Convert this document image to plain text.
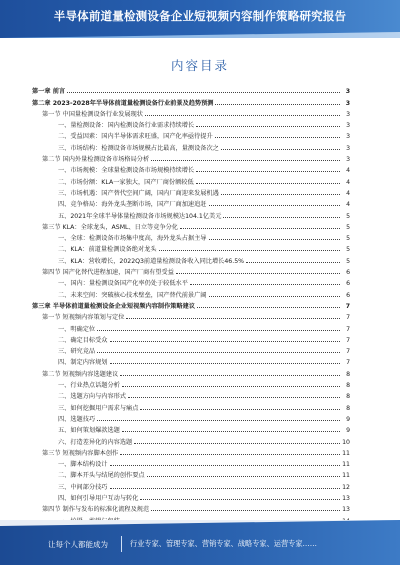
半导体前道量检测设备企业短视频内容制作策略研究报告
内容目录
第一章 前言	3
第二章 2023-2028年半导体前道量检测设备行业前景及趋势预测	3
第一节 中国量检测设备行业发展现状	3
一、量检测设备：国内检测设备行业需求持续增长	3
二、受益因素：国内半导体需求旺盛，国产化率亟待提升	3
三、市场结构：检测设备市场规模占比最高，量测设备次之	3
第二节 国内外量检测设备市场格局分析	3
一、市场规模：全球量检测设备市场规模持续增长	4
二、市场份额：KLA一家独大，国产厂商份额较低	4
三、市场机遇：国产替代空间广阔，国内厂商迎来发展机遇	4
四、竞争格局：海外龙头垄断市场，国产厂商加速追赶	4
五、2021年全球半导体量检测设备市场规模达104.1亿美元	5
第三节 KLA：全球龙头，ASML、日立等竞争分化	5
一、全球：检测设备市场集中度高，海外龙头占据主导	5
二、KLA：前道量检测设备绝对龙头	5
三、KLA：营收增长，2022Q3前道量检测设备收入同比增长46.5%	5
第四节 国产化替代进程加速，国产厂商有望受益	6
一、国内：量检测设备国产化率仍处于较低水平	6
二、未来空间：突破核心技术壁垒，国产替代前景广阔	6
第三章 半导体前道量检测设备企业短视频内容制作策略建议	7
第一节 短视频内容策划与定位	7
一、明确定位	7
二、确定目标受众	7
三、研究竞品	7
四、制定内容规划	7
第二节 短视频内容选题建议	8
一、行业热点话题分析	8
二、选题方向与内容形式	8
三、如何挖掘用户需求与痛点	8
四、选题技巧	9
五、如何策划爆款选题	9
六、打造差异化的内容选题	10
第三节 短视频内容脚本创作	11
一、脚本结构设计	11
二、脚本开头与结尾的创作要点	11
三、中间部分技巧	12
四、如何引导用户互动与转化	13
第四节 制作与发布的标准化流程及规范	13
让每个人都能成为	行业专家、管理专家、营销专家、战略专家、运营专家……
